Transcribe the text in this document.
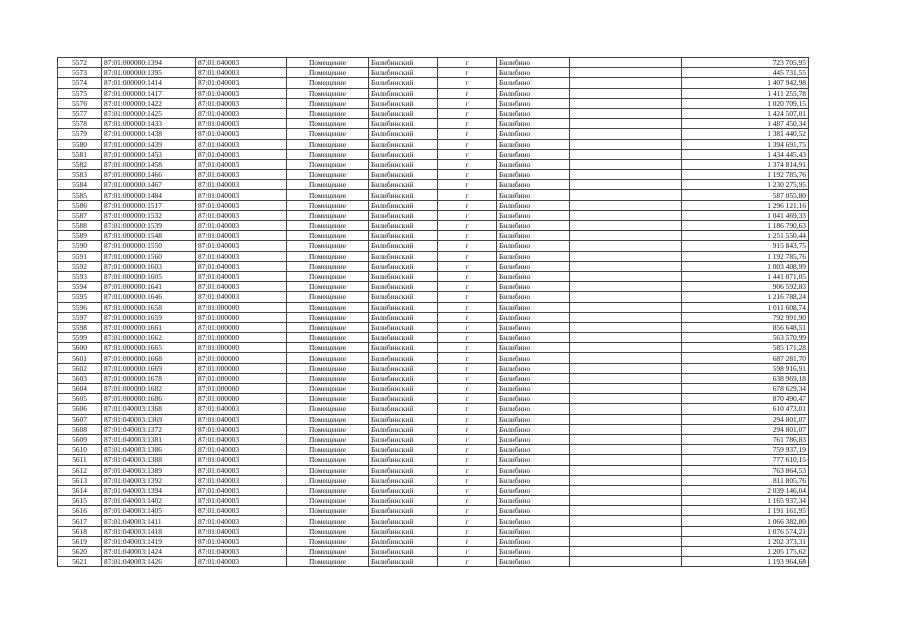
5572	87:01:000000:1394	87:01:040003	Помещение	Билибинский	г	Билибино		723 705,95
5573	87:01:000000:1395	87:01:040003	Помещение	Билибинский	г	Билибино		445 731,55
5574	87:01:000000:1414	87:01:040003	Помещение	Билибинский	г	Билибино		1 407 942,98
5575	87:01:000000:1417	87:01:040003	Помещение	Билибинский	г	Билибино		1 411 255,78
5576	87:01:000000:1422	87:01:040003	Помещение	Билибинский	г	Билибино		1 020 709,15
5577	87:01:000000:1425	87:01:040003	Помещение	Билибинский	г	Билибино		1 424 507,01
5578	87:01:000000:1433	87:01:040003	Помещение	Билибинский	г	Билибино		1 487 450,34
5579	87:01:000000:1438	87:01:040003	Помещение	Билибинский	г	Билибино		1 381 440,52
5580	87:01:000000:1439	87:01:040003	Помещение	Билибинский	г	Билибино		1 394 691,75
5581	87:01:000000:1453	87:01:040003	Помещение	Билибинский	г	Билибино		1 434 445,43
5582	87:01:000000:1458	87:01:040003	Помещение	Билибинский	г	Билибино		1 374 814,91
5583	87:01:000000:1466	87:01:040003	Помещение	Билибинский	г	Билибино		1 192 785,76
5584	87:01:000000:1467	87:01:040003	Помещение	Билибинский	г	Билибино		1 230 275,95
5585	87:01:000000:1484	87:01:040003	Помещение	Билибинский	г	Билибино		587 055,80
5586	87:01:000000:1517	87:01:040003	Помещение	Билибинский	г	Билибино		1 296 121,16
5587	87:01:000000:1532	87:01:040003	Помещение	Билибинский	г	Билибино		1 041 469,33
5588	87:01:000000:1539	87:01:040003	Помещение	Билибинский	г	Билибино		1 186 790,63
5589	87:01:000000:1548	87:01:040003	Помещение	Билибинский	г	Билибино		1 251 550,44
5590	87:01:000000:1550	87:01:040003	Помещение	Билибинский	г	Билибино		915 843,75
5591	87:01:000000:1560	87:01:040003	Помещение	Билибинский	г	Билибино		1 192 785,76
5592	87:01:000000:1603	87:01:040003	Помещение	Билибинский	г	Билибино		1 003 408,99
5593	87:01:000000:1605	87:01:040003	Помещение	Билибинский	г	Билибино		1 441 071,05
5594	87:01:000000:1641	87:01:040003	Помещение	Билибинский	г	Билибино		906 592,83
5595	87:01:000000:1646	87:01:040003	Помещение	Билибинский	г	Билибино		1 216 788,24
5596	87:01:000000:1658	87:01:000000	Помещение	Билибинский	г	Билибино		1 011 608,74
5597	87:01:000000:1659	87:01:000000	Помещение	Билибинский	г	Билибино		792 991,90
5598	87:01:000000:1661	87:01:000000	Помещение	Билибинский	г	Билибино		856 648,51
5599	87:01:000000:1662	87:01:000000	Помещение	Билибинский	г	Билибино		563 570,99
5600	87:01:000000:1665	87:01:000000	Помещение	Билибинский	г	Билибино		585 171,28
5601	87:01:000000:1668	87:01:000000	Помещение	Билибинский	г	Билибино		687 281,70
5602	87:01:000000:1669	87:01:000000	Помещение	Билибинский	г	Билибино		598 916,91
5603	87:01:000000:1678	87:01:000000	Помещение	Билибинский	г	Билибино		638 969,18
5604	87:01:000000:1682	87:01:000000	Помещение	Билибинский	г	Билибино		678 629,34
5605	87:01:000000:1686	87:01:000000	Помещение	Билибинский	г	Билибино		870 490,47
5606	87:01:040003:1368	87:01:040003	Помещение	Билибинский	г	Билибино		610 473,01
5607	87:01:040003:1369	87:01:040003	Помещение	Билибинский	г	Билибино		294 801,07
5608	87:01:040003:1372	87:01:040003	Помещение	Билибинский	г	Билибино		294 801,07
5609	87:01:040003:1381	87:01:040003	Помещение	Билибинский	г	Билибино		761 786,83
5610	87:01:040003:1386	87:01:040003	Помещение	Билибинский	г	Билибино		759 937,19
5611	87:01:040003:1388	87:01:040003	Помещение	Билибинский	г	Билибино		777 610,15
5612	87:01:040003:1389	87:01:040003	Помещение	Билибинский	г	Билибино		763 864,53
5613	87:01:040003:1392	87:01:040003	Помещение	Билибинский	г	Билибино		811 805,76
5614	87:01:040003:1394	87:01:040003	Помещение	Билибинский	г	Билибино		2 039 146,04
5615	87:01:040003:1402	87:01:040003	Помещение	Билибинский	г	Билибино		1 165 937,34
5616	87:01:040003:1405	87:01:040003	Помещение	Билибинский	г	Билибино		1 191 161,95
5617	87:01:040003:1411	87:01:040003	Помещение	Билибинский	г	Билибино		1 066 382,80
5618	87:01:040003:1418	87:01:040003	Помещение	Билибинский	г	Билибино		1 076 574,21
5619	87:01:040003:1419	87:01:040003	Помещение	Билибинский	г	Билибино		1 202 373,31
5620	87:01:040003:1424	87:01:040003	Помещение	Билибинский	г	Билибино		1 205 175,62
5621	87:01:040003:1426	87:01:040003	Помещение	Билибинский	г	Билибино		1 193 964,68
